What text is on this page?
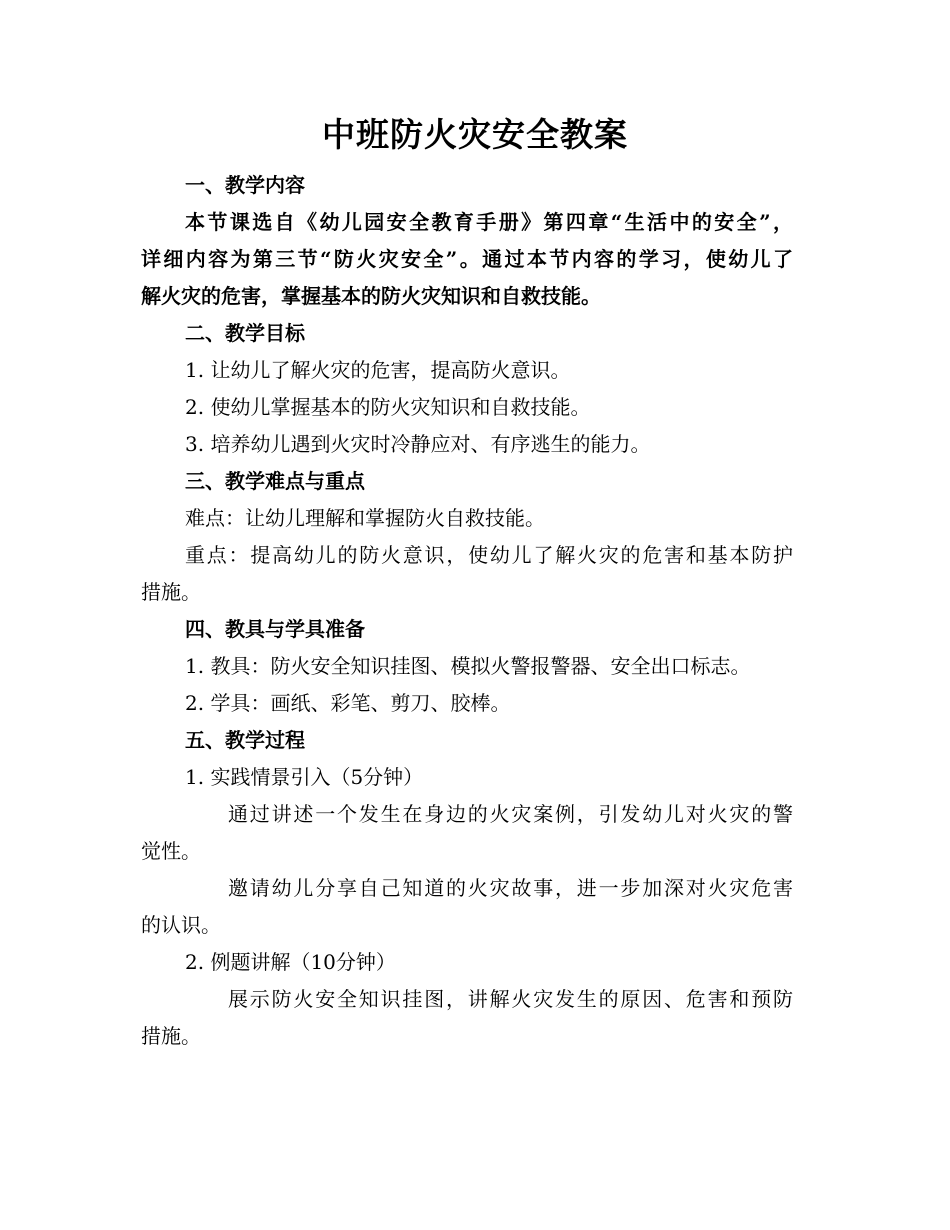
中班防火灾安全教案
一、教学内容
本节课选自《幼儿园安全教育手册》第四章“生活中的安全”，
详细内容为第三节“防火灾安全”。通过本节内容的学习，使幼儿了
解火灾的危害，掌握基本的防火灾知识和自救技能。
二、教学目标
1. 让幼儿了解火灾的危害，提高防火意识。
2. 使幼儿掌握基本的防火灾知识和自救技能。
3. 培养幼儿遇到火灾时冷静应对、有序逃生的能力。
三、教学难点与重点
难点：让幼儿理解和掌握防火自救技能。
重点：提高幼儿的防火意识，使幼儿了解火灾的危害和基本防护
措施。
四、教具与学具准备
1. 教具：防火安全知识挂图、模拟火警报警器、安全出口标志。
2. 学具：画纸、彩笔、剪刀、胶棒。
五、教学过程
1. 实践情景引入（5分钟）
通过讲述一个发生在身边的火灾案例，引发幼儿对火灾的警
觉性。
邀请幼儿分享自己知道的火灾故事，进一步加深对火灾危害
的认识。
2. 例题讲解（10分钟）
展示防火安全知识挂图，讲解火灾发生的原因、危害和预防
措施。
